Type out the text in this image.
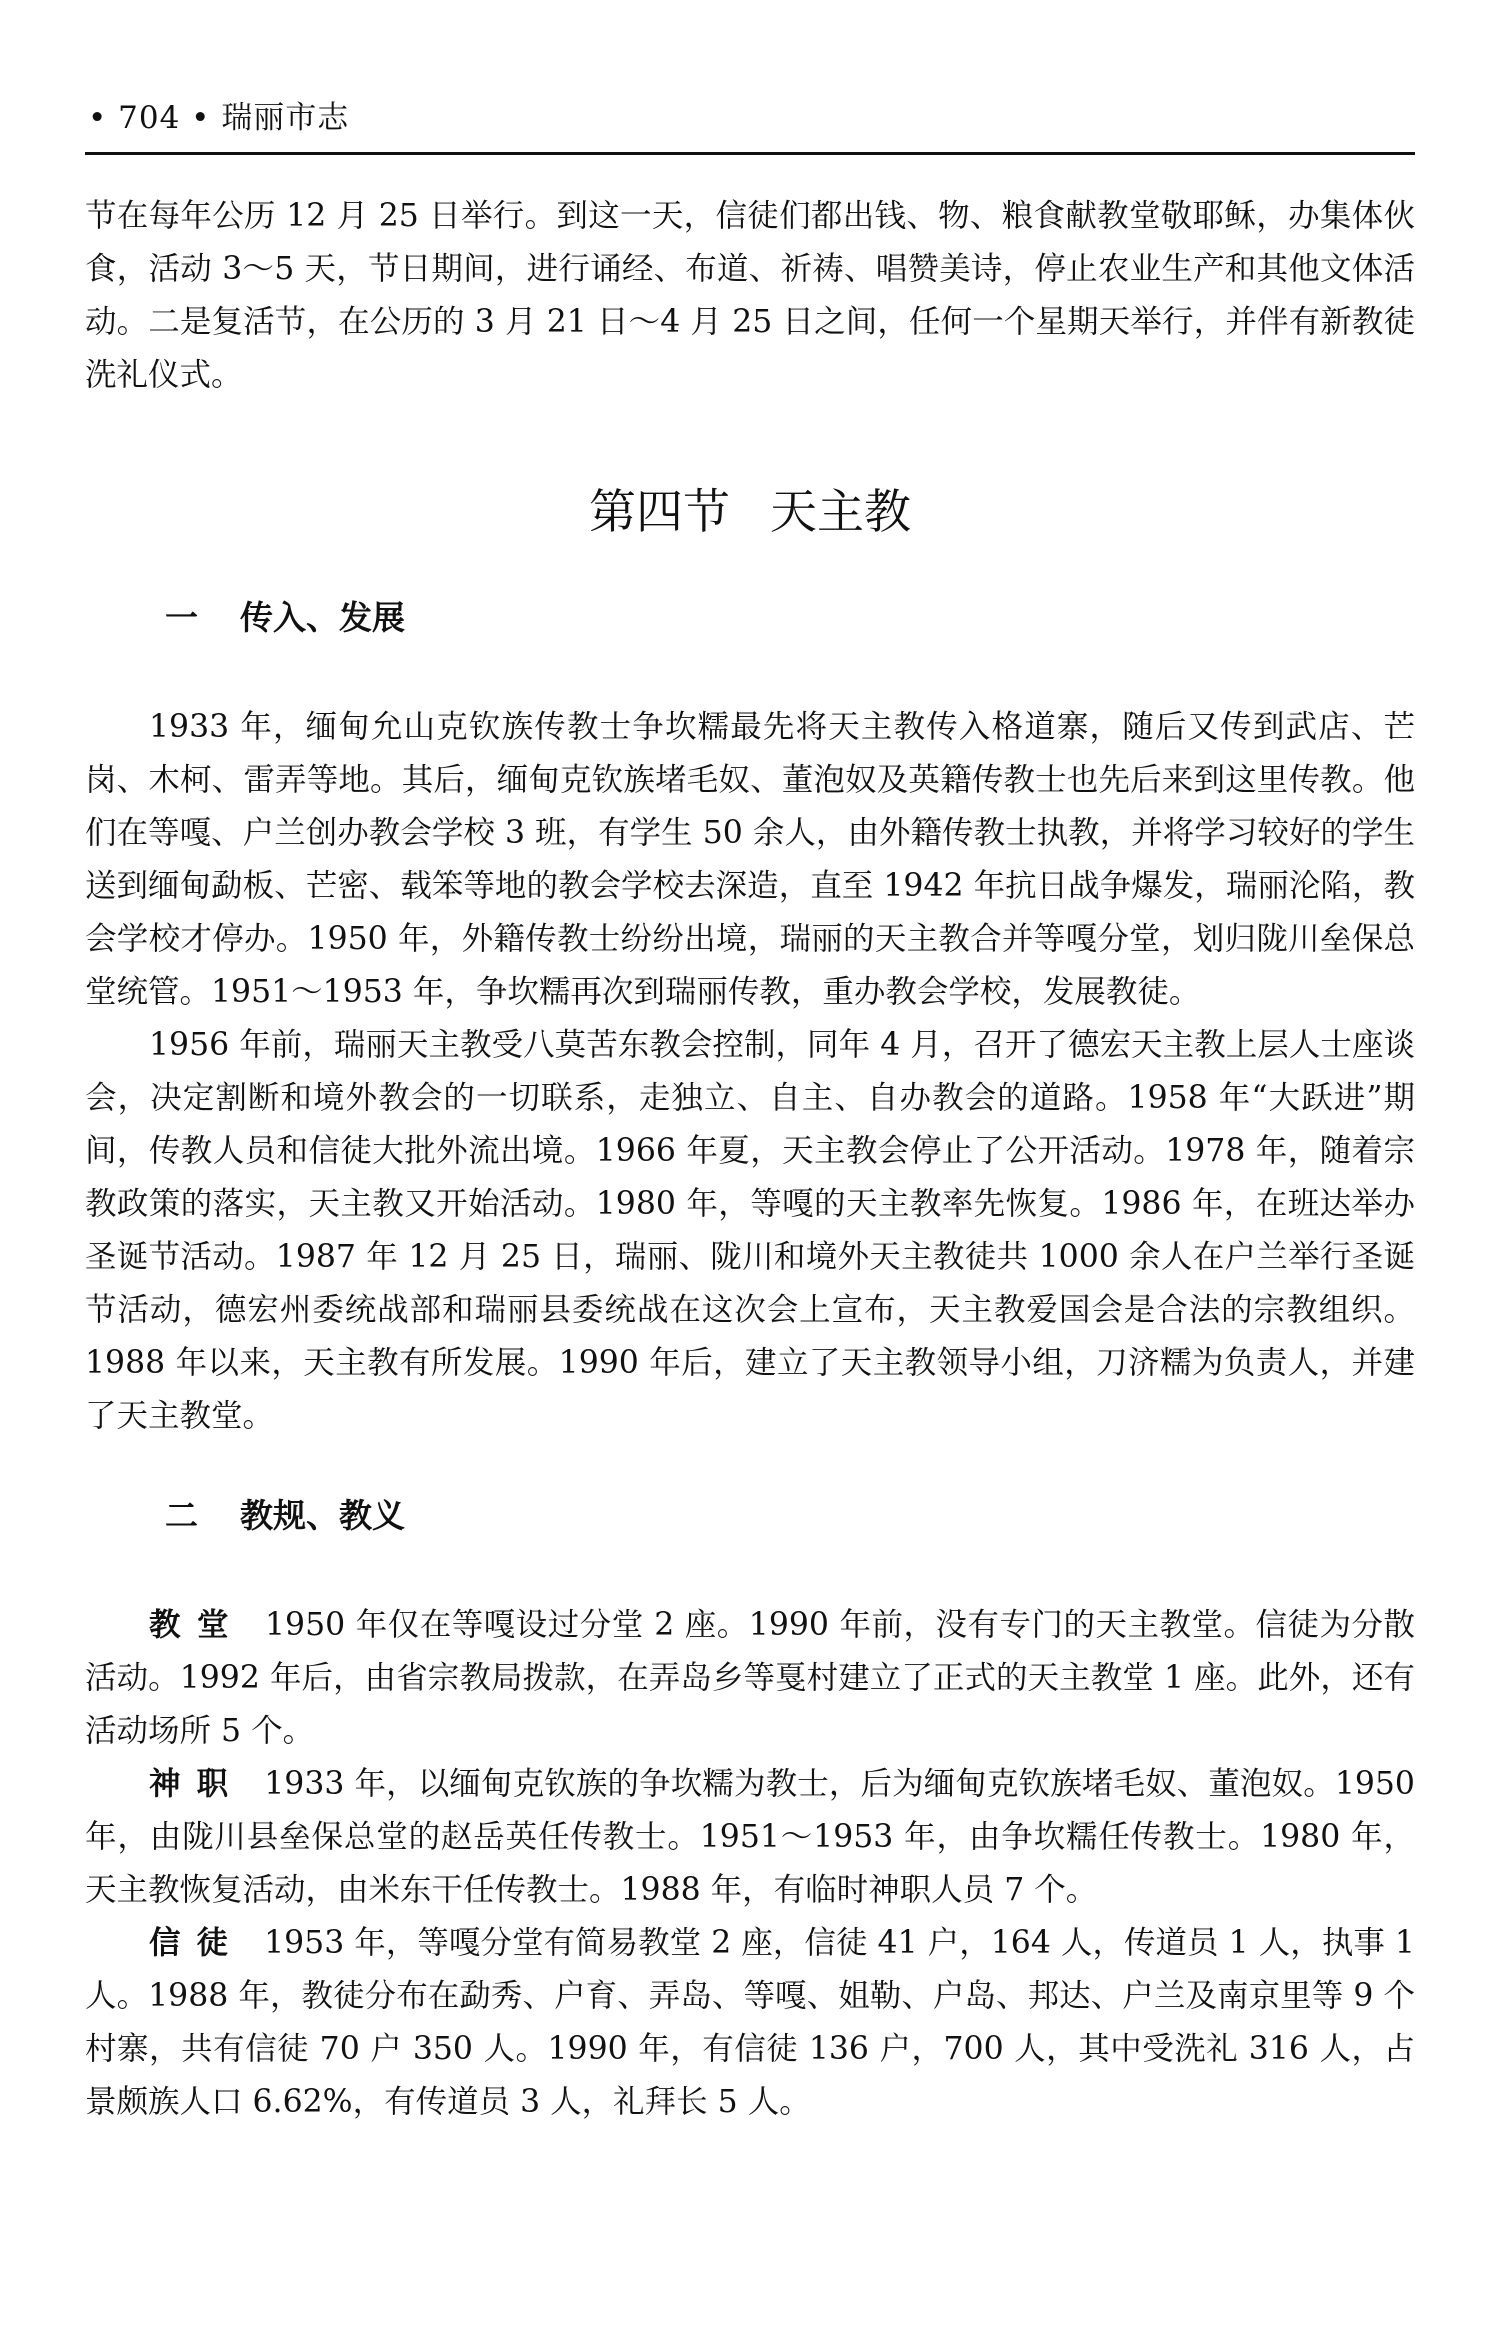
• 704 • 瑞丽市志

节在每年公历 12 月 25 日举行。到这一天，信徒们都出钱、物、粮食献教堂敬耶稣，办集体伙食，活动 3～5 天，节日期间，进行诵经、布道、祈祷、唱赞美诗，停止农业生产和其他文体活动。二是复活节，在公历的 3 月 21 日～4 月 25 日之间，任何一个星期天举行，并伴有新教徒洗礼仪式。

第四节 天主教
一 传入、发展

1933 年，缅甸允山克钦族传教士争坎糯最先将天主教传入格道寨，随后又传到武店、芒岗、木柯、雷弄等地。其后，缅甸克钦族堵毛奴、董泡奴及英籍传教士也先后来到这里传教。他们在等嘎、户兰创办教会学校 3 班，有学生 50 余人，由外籍传教士执教，并将学习较好的学生送到缅甸勐板、芒密、载笨等地的教会学校去深造，直至 1942 年抗日战争爆发，瑞丽沦陷，教会学校才停办。1950 年，外籍传教士纷纷出境，瑞丽的天主教合并等嘎分堂，划归陇川垒保总堂统管。1951～1953 年，争坎糯再次到瑞丽传教，重办教会学校，发展教徒。

1956 年前，瑞丽天主教受八莫苦东教会控制，同年 4 月，召开了德宏天主教上层人士座谈会，决定割断和境外教会的一切联系，走独立、自主、自办教会的道路。1958 年“大跃进”期间，传教人员和信徒大批外流出境。1966 年夏，天主教会停止了公开活动。1978 年，随着宗教政策的落实，天主教又开始活动。1980 年，等嘎的天主教率先恢复。1986 年，在班达举办圣诞节活动。1987 年 12 月 25 日，瑞丽、陇川和境外天主教徒共 1000 余人在户兰举行圣诞节活动，德宏州委统战部和瑞丽县委统战在这次会上宣布，天主教爱国会是合法的宗教组织。1988 年以来，天主教有所发展。1990 年后，建立了天主教领导小组，刀济糯为负责人，并建了天主教堂。

二 教规、教义

教堂 1950 年仅在等嘎设过分堂 2 座。1990 年前，没有专门的天主教堂。信徒为分散活动。1992 年后，由省宗教局拨款，在弄岛乡等戛村建立了正式的天主教堂 1 座。此外，还有活动场所 5 个。

神职 1933 年，以缅甸克钦族的争坎糯为教士，后为缅甸克钦族堵毛奴、董泡奴。1950 年，由陇川县垒保总堂的赵岳英任传教士。1951～1953 年，由争坎糯任传教士。1980 年，天主教恢复活动，由米东干任传教士。1988 年，有临时神职人员 7 个。

信徒 1953 年，等嘎分堂有简易教堂 2 座，信徒 41 户，164 人，传道员 1 人，执事 1 人。1988 年，教徒分布在勐秀、户育、弄岛、等嘎、姐勒、户岛、邦达、户兰及南京里等 9 个村寨，共有信徒 70 户 350 人。1990 年，有信徒 136 户，700 人，其中受洗礼 316 人，占景颇族人口 6.62%，有传道员 3 人，礼拜长 5 人。
